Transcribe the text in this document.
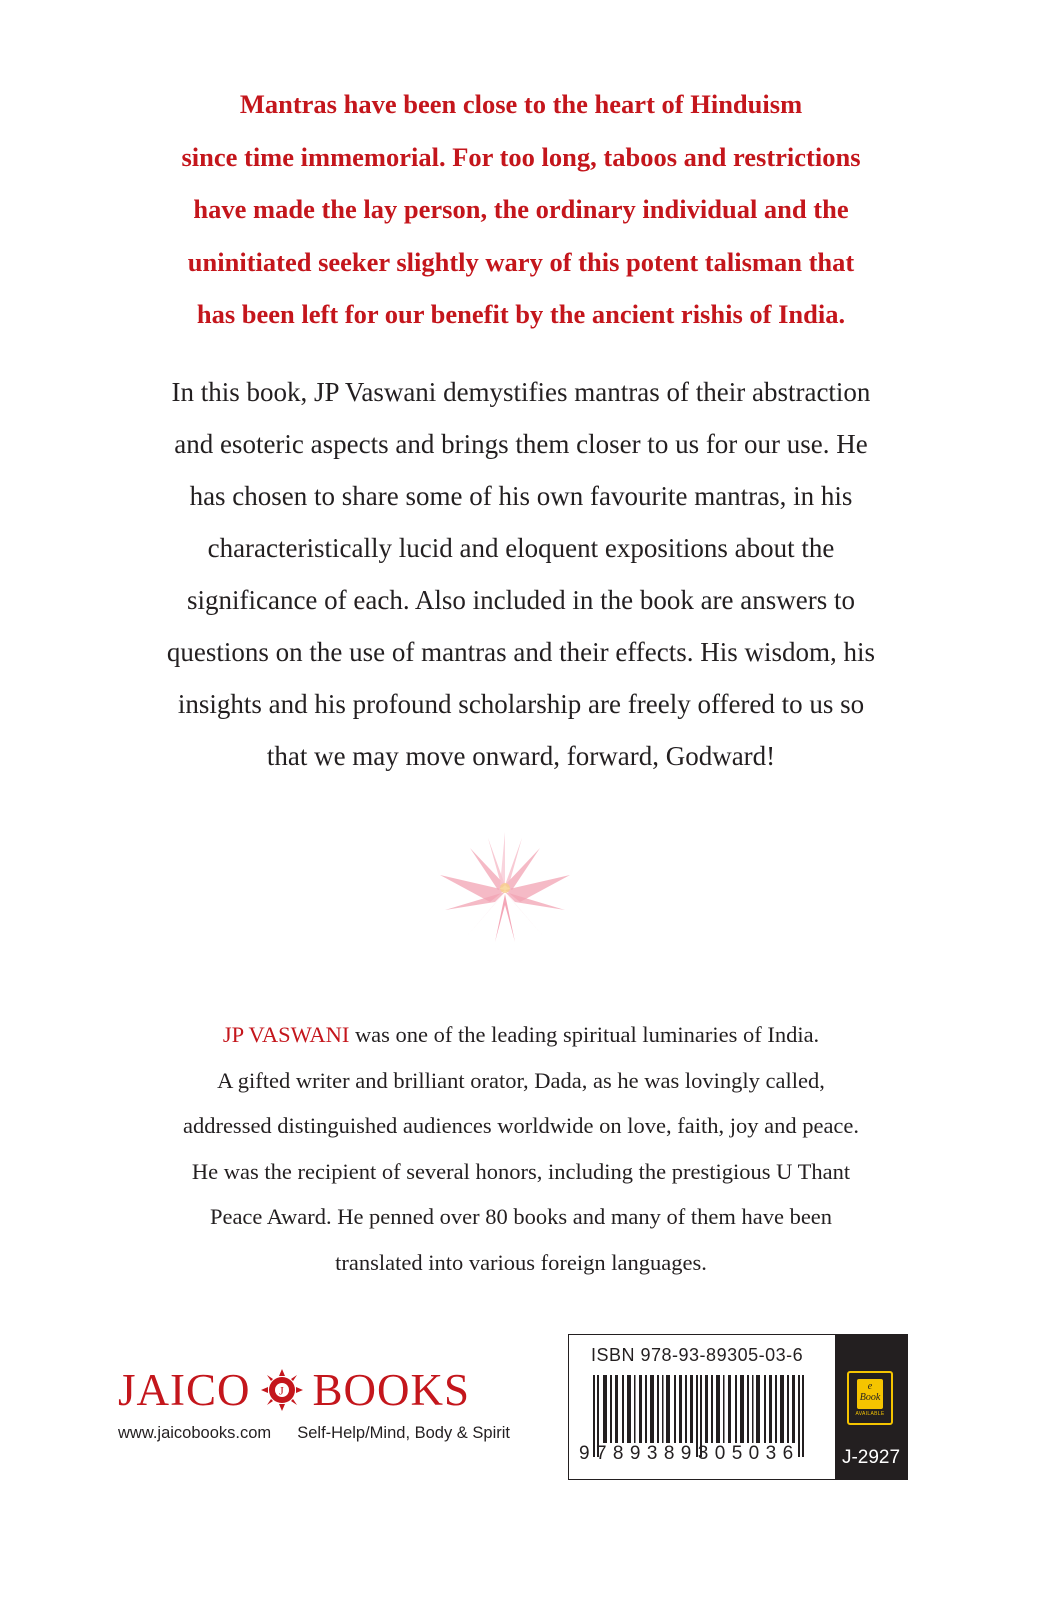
Mantras have been close to the heart of Hinduism
since time immemorial. For too long, taboos and restrictions
have made the lay person, the ordinary individual and the
uninitiated seeker slightly wary of this potent talisman that
has been left for our benefit by the ancient rishis of India.
In this book, JP Vaswani demystifies mantras of their abstraction
and esoteric aspects and brings them closer to us for our use. He
has chosen to share some of his own favourite mantras, in his
characteristically lucid and eloquent expositions about the
significance of each. Also included in the book are answers to
questions on the use of mantras and their effects. His wisdom, his
insights and his profound scholarship are freely offered to us so
that we may move onward, forward, Godward!
JP VASWANI was one of the leading spiritual luminaries of India.
A gifted writer and brilliant orator, Dada, as he was lovingly called,
addressed distinguished audiences worldwide on love, faith, joy and peace.
He was the recipient of several honors, including the prestigious U Thant
Peace Award. He penned over 80 books and many of them have been
translated into various foreign languages.
JAICO J BOOKS
www.jaicobooks.com Self-Help/Mind, Body & Spirit
ISBN 978-93-89305-03-6
9789389305036
e
Book
AVAILABLE
J-2927
